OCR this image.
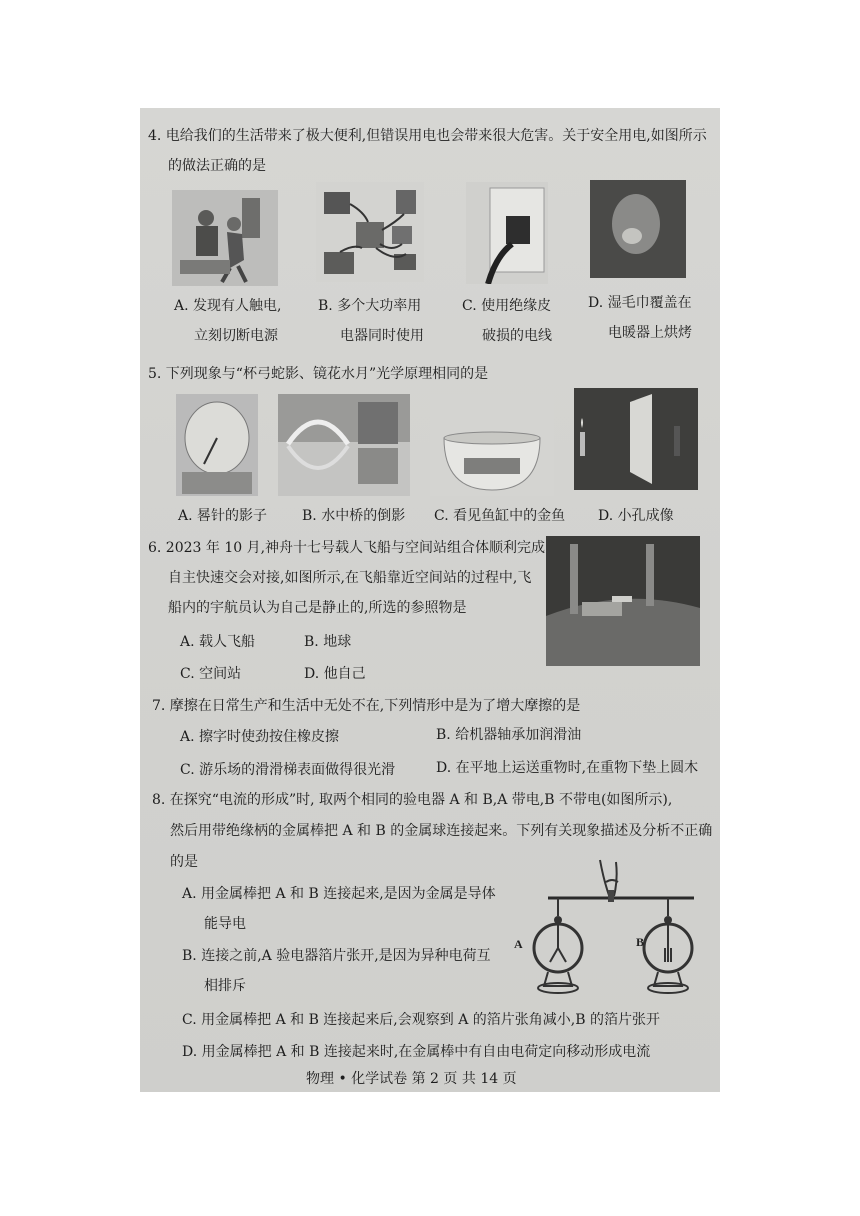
4. 电给我们的生活带来了极大便利,但错误用电也会带来很大危害。关于安全用电,如图所示
的做法正确的是
A. 发现有人触电,
立刻切断电源
B. 多个大功率用
电器同时使用
C. 使用绝缘皮
破损的电线
D. 湿毛巾覆盖在
电暖器上烘烤
5. 下列现象与“杯弓蛇影、镜花水月”光学原理相同的是
A. 晷针的影子 B. 水中桥的倒影 C. 看见鱼缸中的金鱼 D. 小孔成像
6. 2023 年 10 月,神舟十七号载人飞船与空间站组合体顺利完成
自主快速交会对接,如图所示,在飞船靠近空间站的过程中,飞
船内的宇航员认为自己是静止的,所选的参照物是
A. 载人飞船	B. 地球
C. 空间站	D. 他自己
7. 摩擦在日常生产和生活中无处不在,下列情形中是为了增大摩擦的是
A. 擦字时使劲按住橡皮擦	B. 给机器轴承加润滑油
C. 游乐场的滑滑梯表面做得很光滑	D. 在平地上运送重物时,在重物下垫上圆木
8. 在探究“电流的形成”时, 取两个相同的验电器 A 和 B,A 带电,B 不带电(如图所示),
然后用带绝缘柄的金属棒把 A 和 B 的金属球连接起来。下列有关现象描述及分析不正确
的是
A. 用金属棒把 A 和 B 连接起来,是因为金属是导体
能导电
B. 连接之前,A 验电器箔片张开,是因为异种电荷互
相排斥
A	B
C. 用金属棒把 A 和 B 连接起来后,会观察到 A 的箔片张角减小,B 的箔片张开
D. 用金属棒把 A 和 B 连接起来时,在金属棒中有自由电荷定向移动形成电流
物理 • 化学试卷 第 2 页 共 14 页
